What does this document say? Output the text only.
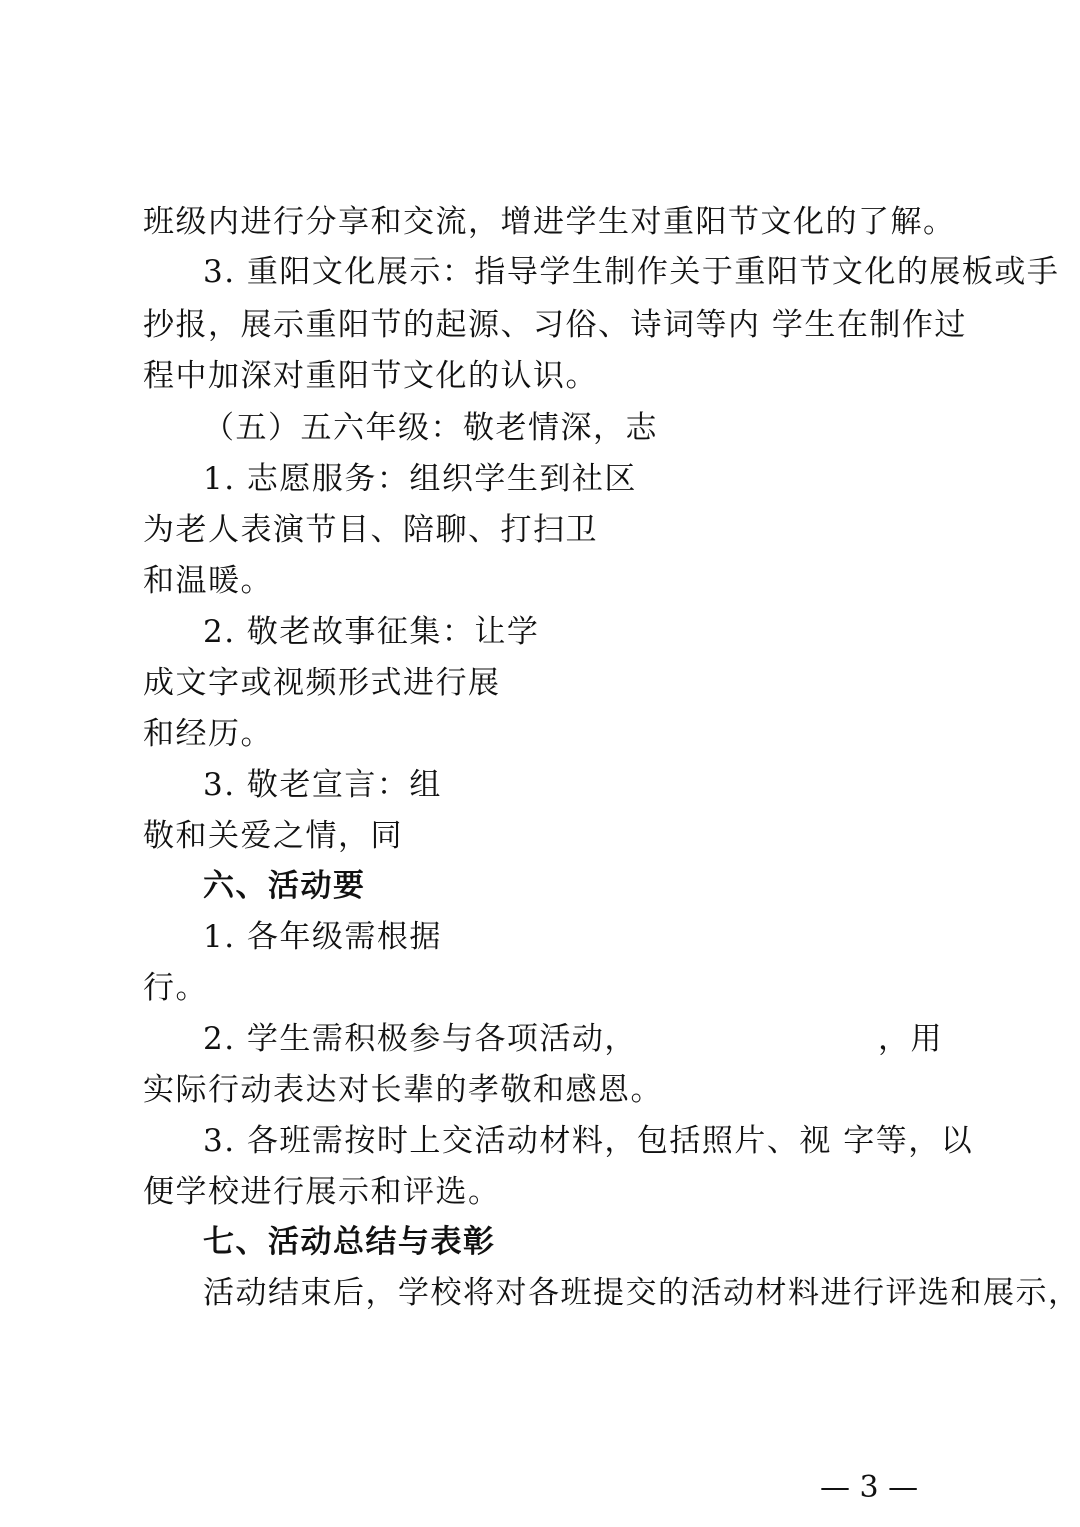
班级内进行分享和交流，增进学生对重阳节文化的了解。
3. 重阳文化展示：指导学生制作关于重阳节文化的展板或手
抄报，展示重阳节的起源、习俗、诗词等内 学生在制作过
程中加深对重阳节文化的认识。
（五）五六年级：敬老情深，志
1. 志愿服务：组织学生到社区
为老人表演节目、陪聊、打扫卫
和温暖。
2. 敬老故事征集：让学
成文字或视频形式进行展
和经历。
3. 敬老宣言：组
敬和关爱之情，同
六、活动要
1. 各年级需根据
行。
2. 学生需积极参与各项活动，	，用
实际行动表达对长辈的孝敬和感恩。
3. 各班需按时上交活动材料，包括照片、视 字等，以
便学校进行展示和评选。
七、活动总结与表彰
活动结束后，学校将对各班提交的活动材料进行评选和展示，
— 3 —
